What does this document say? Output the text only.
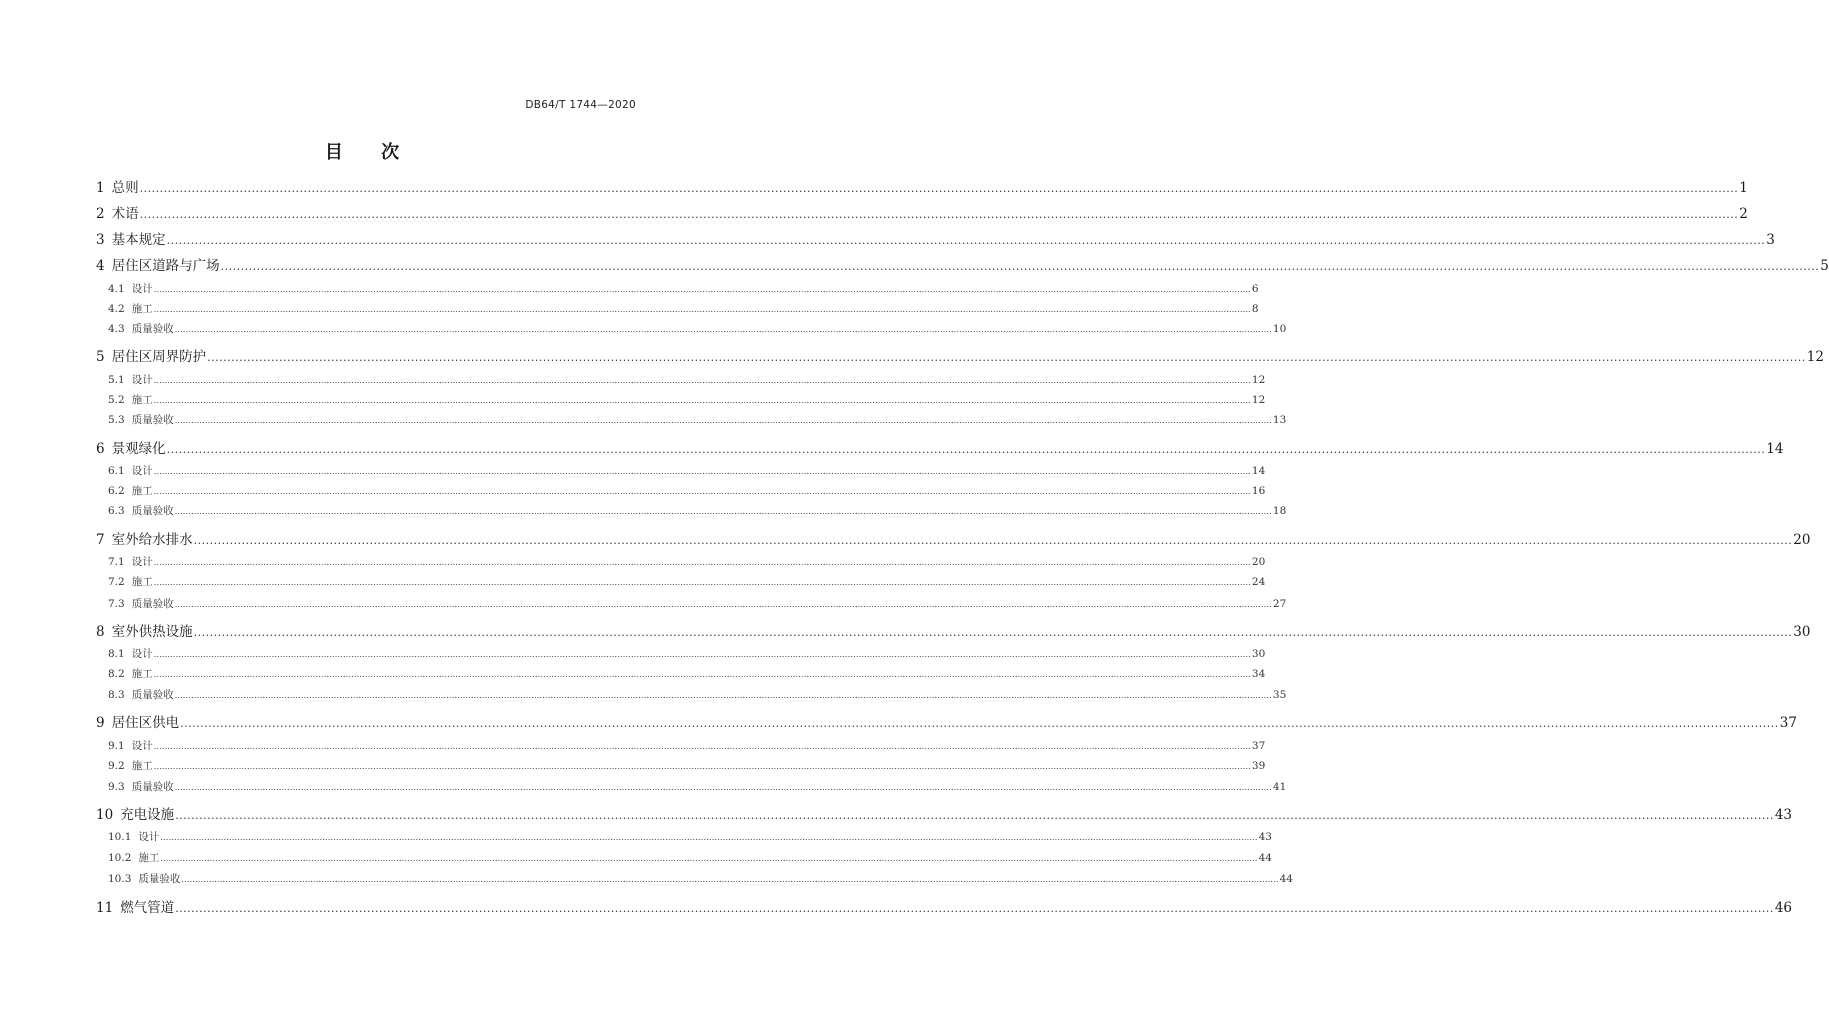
DB64/T 1744—2020
目 次
1 总则 ................................................................................................................................................................................................................................................................................................................................................................................................................ 1
2 术语 ................................................................................................................................................................................................................................................................................................................................................................................................................ 2
3 基本规定 ................................................................................................................................................................................................................................................................................................................................................................................................................ 3
4 居住区道路与广场 ................................................................................................................................................................................................................................................................................................................................................................................................................ 5
4.1 设计 ................................................................................................................................................................................................................................................................................................................................................................................................................ 6
4.2 施工 ................................................................................................................................................................................................................................................................................................................................................................................................................ 8
4.3 质量验收 ................................................................................................................................................................................................................................................................................................................................................................................................................ 10
5 居住区周界防护 ................................................................................................................................................................................................................................................................................................................................................................................................................ 12
5.1 设计 ................................................................................................................................................................................................................................................................................................................................................................................................................ 12
5.2 施工 ................................................................................................................................................................................................................................................................................................................................................................................................................ 12
5.3 质量验收 ................................................................................................................................................................................................................................................................................................................................................................................................................ 13
6 景观绿化 ................................................................................................................................................................................................................................................................................................................................................................................................................ 14
6.1 设计 ................................................................................................................................................................................................................................................................................................................................................................................................................ 14
6.2 施工 ................................................................................................................................................................................................................................................................................................................................................................................................................ 16
6.3 质量验收 ................................................................................................................................................................................................................................................................................................................................................................................................................ 18
7 室外给水排水 ................................................................................................................................................................................................................................................................................................................................................................................................................ 20
7.1 设计 ................................................................................................................................................................................................................................................................................................................................................................................................................ 20
7.2 施工 ................................................................................................................................................................................................................................................................................................................................................................................................................ 24
7.3 质量验收 ................................................................................................................................................................................................................................................................................................................................................................................................................ 27
8 室外供热设施 ................................................................................................................................................................................................................................................................................................................................................................................................................ 30
8.1 设计 ................................................................................................................................................................................................................................................................................................................................................................................................................ 30
8.2 施工 ................................................................................................................................................................................................................................................................................................................................................................................................................ 34
8.3 质量验收 ................................................................................................................................................................................................................................................................................................................................................................................................................ 35
9 居住区供电 ................................................................................................................................................................................................................................................................................................................................................................................................................ 37
9.1 设计 ................................................................................................................................................................................................................................................................................................................................................................................................................ 37
9.2 施工 ................................................................................................................................................................................................................................................................................................................................................................................................................ 39
9.3 质量验收 ................................................................................................................................................................................................................................................................................................................................................................................................................ 41
10 充电设施 ................................................................................................................................................................................................................................................................................................................................................................................................................ 43
10.1 设计 ................................................................................................................................................................................................................................................................................................................................................................................................................ 43
10.2 施工 ................................................................................................................................................................................................................................................................................................................................................................................................................ 44
10.3 质量验收 ................................................................................................................................................................................................................................................................................................................................................................................................................ 44
11 燃气管道 ................................................................................................................................................................................................................................................................................................................................................................................................................ 46
